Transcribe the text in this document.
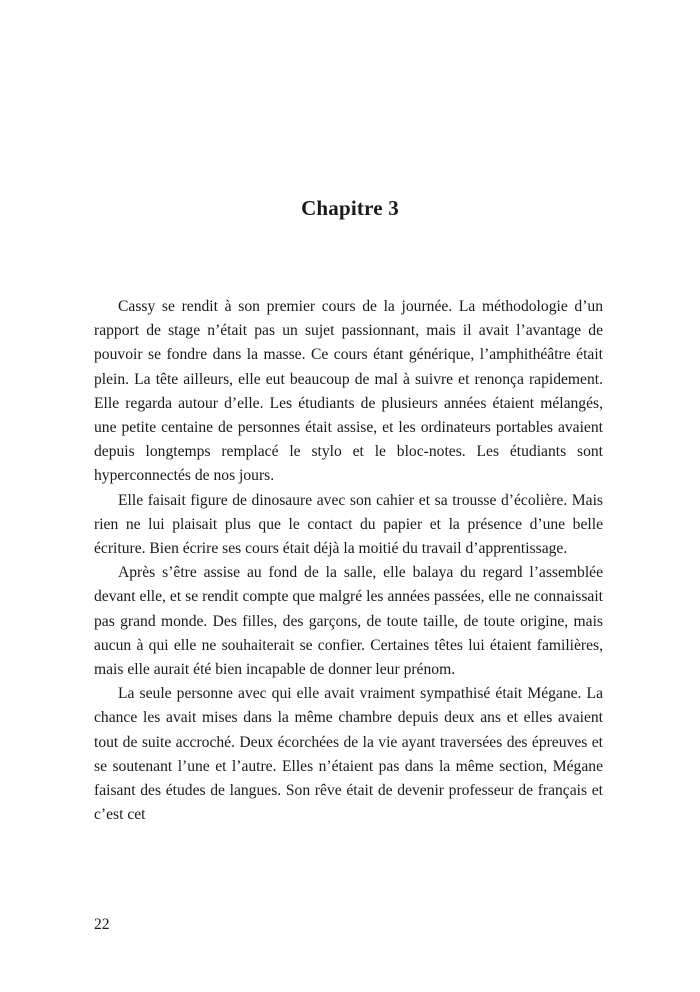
Chapitre 3

Cassy se rendit à son premier cours de la journée. La méthodologie d’un rapport de stage n’était pas un sujet passionnant, mais il avait l’avantage de pouvoir se fondre dans la masse. Ce cours étant générique, l’amphithéâtre était plein. La tête ailleurs, elle eut beaucoup de mal à suivre et renonça rapidement. Elle regarda autour d’elle. Les étudiants de plusieurs années étaient mélangés, une petite centaine de personnes était assise, et les ordinateurs portables avaient depuis longtemps remplacé le stylo et le bloc-notes. Les étudiants sont hyperconnectés de nos jours.

Elle faisait figure de dinosaure avec son cahier et sa trousse d’écolière. Mais rien ne lui plaisait plus que le contact du papier et la présence d’une belle écriture. Bien écrire ses cours était déjà la moitié du travail d’apprentissage.

Après s’être assise au fond de la salle, elle balaya du regard l’assemblée devant elle, et se rendit compte que malgré les années passées, elle ne connaissait pas grand monde. Des filles, des garçons, de toute taille, de toute origine, mais aucun à qui elle ne souhaiterait se confier. Certaines têtes lui étaient familières, mais elle aurait été bien incapable de donner leur prénom.

La seule personne avec qui elle avait vraiment sympathisé était Mégane. La chance les avait mises dans la même chambre depuis deux ans et elles avaient tout de suite accroché. Deux écorchées de la vie ayant traversées des épreuves et se soutenant l’une et l’autre. Elles n’étaient pas dans la même section, Mégane faisant des études de langues. Son rêve était de devenir professeur de français et c’est cet

22
